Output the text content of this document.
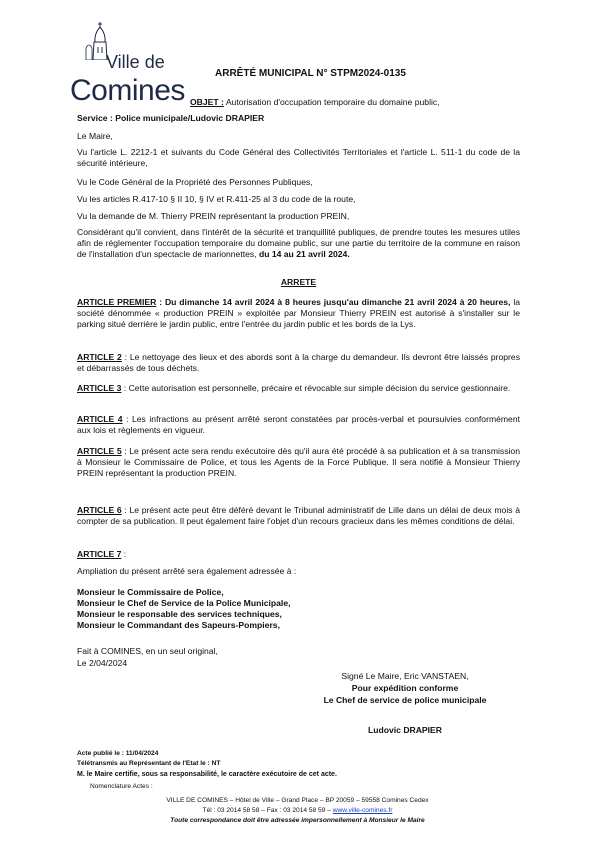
Ville de
Comines
ARRÊTÉ MUNICIPAL N° STPM2024-0135
OBJET : Autorisation d'occupation temporaire du domaine public,
Service : Police municipale/Ludovic DRAPIER
Le Maire,
Vu l'article L. 2212-1 et suivants du Code Général des Collectivités Territoriales et l'article L. 511-1 du code de la sécurité intérieure,
Vu le Code Général de la Propriété des Personnes Publiques,
Vu les articles R.417-10 § II 10, § IV et R.411-25 al 3 du code de la route,
Vu la demande de M. Thierry PREIN représentant la production PREIN,
Considérant qu'il convient, dans l'intérêt de la sécurité et tranquillité publiques, de prendre toutes les mesures utiles afin de réglementer l'occupation temporaire du domaine public, sur une partie du territoire de la commune en raison de l'installation d'un spectacle de marionnettes, du 14 au 21 avril 2024.
ARRETE
ARTICLE PREMIER : Du dimanche 14 avril 2024 à 8 heures jusqu'au dimanche 21 avril 2024 à 20 heures, la société dénommée « production PREIN » exploitée par Monsieur Thierry PREIN est autorisé à s'installer sur le parking situé derrière le jardin public, entre l'entrée du jardin public et les bords de la Lys.
ARTICLE 2 : Le nettoyage des lieux et des abords sont à la charge du demandeur. Ils devront être laissés propres et débarrassés de tous déchets.
ARTICLE 3 : Cette autorisation est personnelle, précaire et révocable sur simple décision du service gestionnaire.
ARTICLE 4 : Les infractions au présent arrêté seront constatées par procès-verbal et poursuivies conformément aux lois et règlements en vigueur.
ARTICLE 5 : Le présent acte sera rendu exécutoire dès qu'il aura été procédé à sa publication et à sa transmission à Monsieur le Commissaire de Police, et tous les Agents de la Force Publique. Il sera notifié à Monsieur Thierry PREIN représentant la production PREIN.
ARTICLE 6 : Le présent acte peut être déféré devant le Tribunal administratif de Lille dans un délai de deux mois à compter de sa publication. Il peut également faire l'objet d'un recours gracieux dans les mêmes conditions de délai.
ARTICLE 7 :
Ampliation du présent arrêté sera également adressée à :
Monsieur le Commissaire de Police,
Monsieur le Chef de Service de la Police Municipale,
Monsieur le responsable des services techniques,
Monsieur le Commandant des Sapeurs-Pompiers,
Fait à COMINES, en un seul original,
Le 2/04/2024
Signé Le Maire, Eric VANSTAEN,
Pour expédition conforme
Le Chef de service de police municipale
Ludovic DRAPIER
Acte publié le : 11/04/2024
Télétransmis au Représentant de l'Etat le : NT
M. le Maire certifie, sous sa responsabilité, le caractère exécutoire de cet acte.
Nomenclature Actes :
VILLE DE COMINES – Hôtel de Ville – Grand Place – BP 20059 – 59558 Comines Cedex
Tél : 03 2014 58 58 – Fax : 03 2014 58 59 – www.ville-comines.fr
Toute correspondance doit être adressée impersonnellement à Monsieur le Maire
